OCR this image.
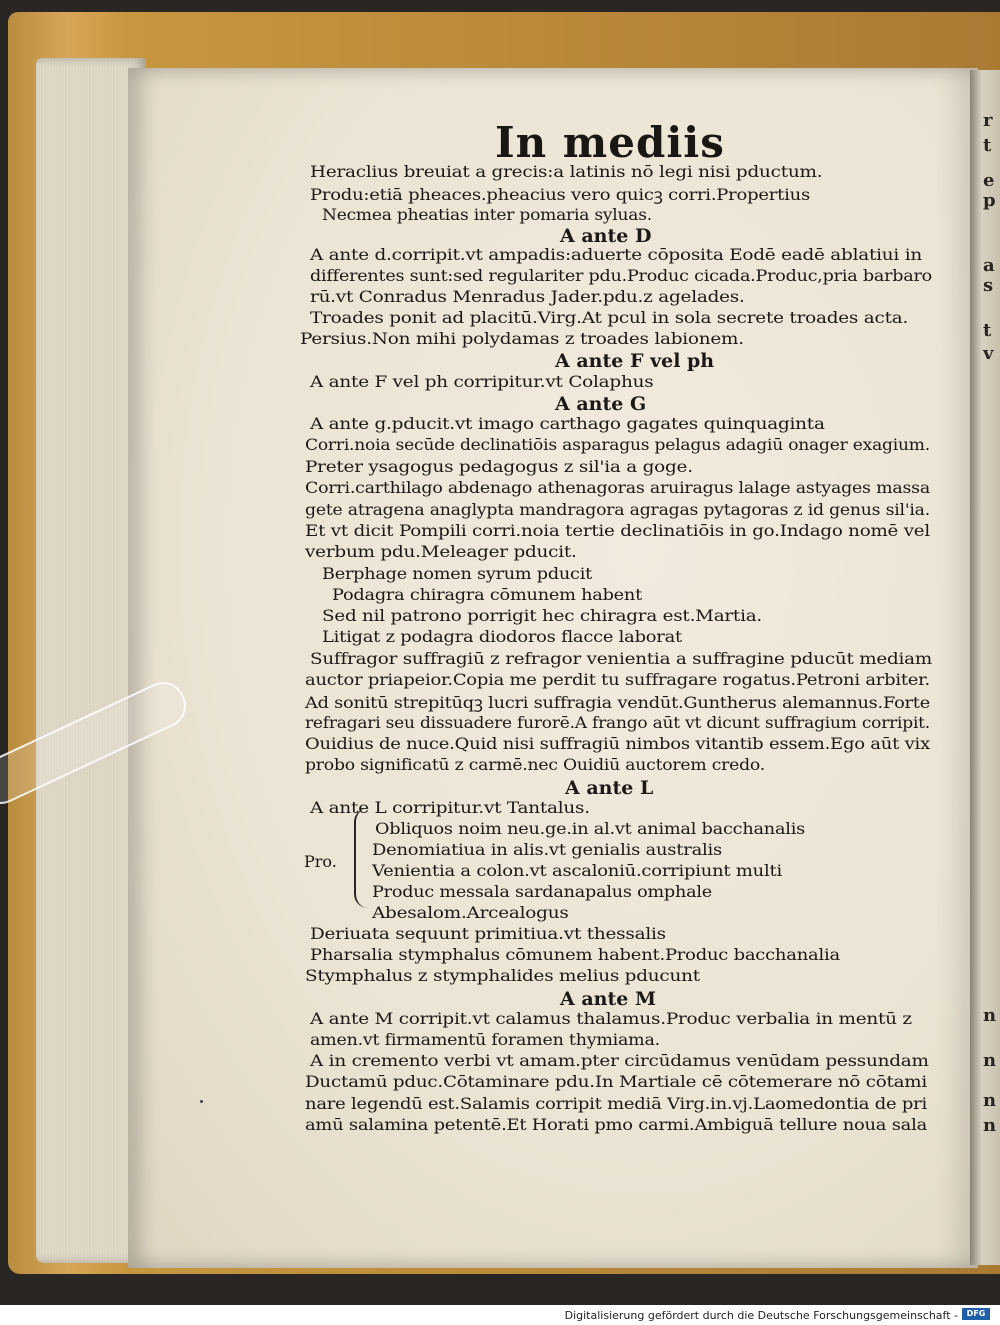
r
t
e
p
a
s
t
v
n
n
n
n
In mediis
Heraclius breuiat a grecis:a latinis nō legi nisi pductum.
Produ:etiā pheaces.pheacius vero quicꝫ corri.Propertius
Necmea pheatias inter pomaria syluas.
A ante D
A ante d.corripit.vt ampadis:aduerte cōposita Eodē eadē ablatiui in
differentes sunt:sed regulariter pdu.Produc cicada.Produc,pria barbaro
rū.vt Conradus Menradus Jader.pdu.z agelades.
Troades ponit ad placitū.Virg.At pcul in sola secrete troades acta.
Persius.Non mihi polydamas z troades labionem.
A ante F vel ph
A ante F vel ph corripitur.vt Colaphus
A ante G
A ante g.pducit.vt imago carthago gagates quinquaginta
Corri.noia secūde declinatiōis asparagus pelagus adagiū onager exagium.
Preter ysagogus pedagogus z sil'ia a goge.
Corri.carthilago abdenago athenagoras aruiragus lalage astyages massa
gete atragena anaglypta mandragora agragas pytagoras z id genus sil'ia.
Et vt dicit Pompili corri.noia tertie declinatiōis in go.Indago nomē vel
verbum pdu.Meleager pducit.
Berphage nomen syrum pducit
Podagra chiragra cōmunem habent
Sed nil patrono porrigit hec chiragra est.Martia.
Litigat z podagra diodoros flacce laborat
Suffragor suffragiū z refragor venientia a suffragine pducūt mediam
auctor priapeior.Copia me perdit tu suffragare rogatus.Petroni arbiter.
Ad sonitū strepitūqꝫ lucri suffragia vendūt.Guntherus alemannus.Forte
refragari seu dissuadere furorē.A frango aūt vt dicunt suffragium corripit.
Ouidius de nuce.Quid nisi suffragiū nimbos vitantib essem.Ego aūt vix
probo significatū z carmē.nec Ouidiū auctorem credo.
A ante L
A ante L corripitur.vt Tantalus.
Obliquos noim neu.ge.in al.vt animal bacchanalis
Denomiatiua in alis.vt genialis australis
Venientia a colon.vt ascaloniū.corripiunt multi
Produc messala sardanapalus omphale
Abesalom.Arcealogus
Deriuata sequunt primitiua.vt thessalis
Pharsalia stymphalus cōmunem habent.Produc bacchanalia
Stymphalus z stymphalides melius pducunt
A ante M
A ante M corripit.vt calamus thalamus.Produc verbalia in mentū z
amen.vt firmamentū foramen thymiama.
A in cremento verbi vt amam.pter circūdamus venūdam pessundam
Ductamū pduc.Cōtaminare pdu.In Martiale cē cōtemerare nō cōtami
nare legendū est.Salamis corripit mediā Virg.in.vj.Laomedontia de pri
amū salamina petentē.Et Horati pmo carmi.Ambiguā tellure noua sala
Pro.
Digitalisierung gefördert durch die Deutsche Forschungsgemeinschaft -	DFG
